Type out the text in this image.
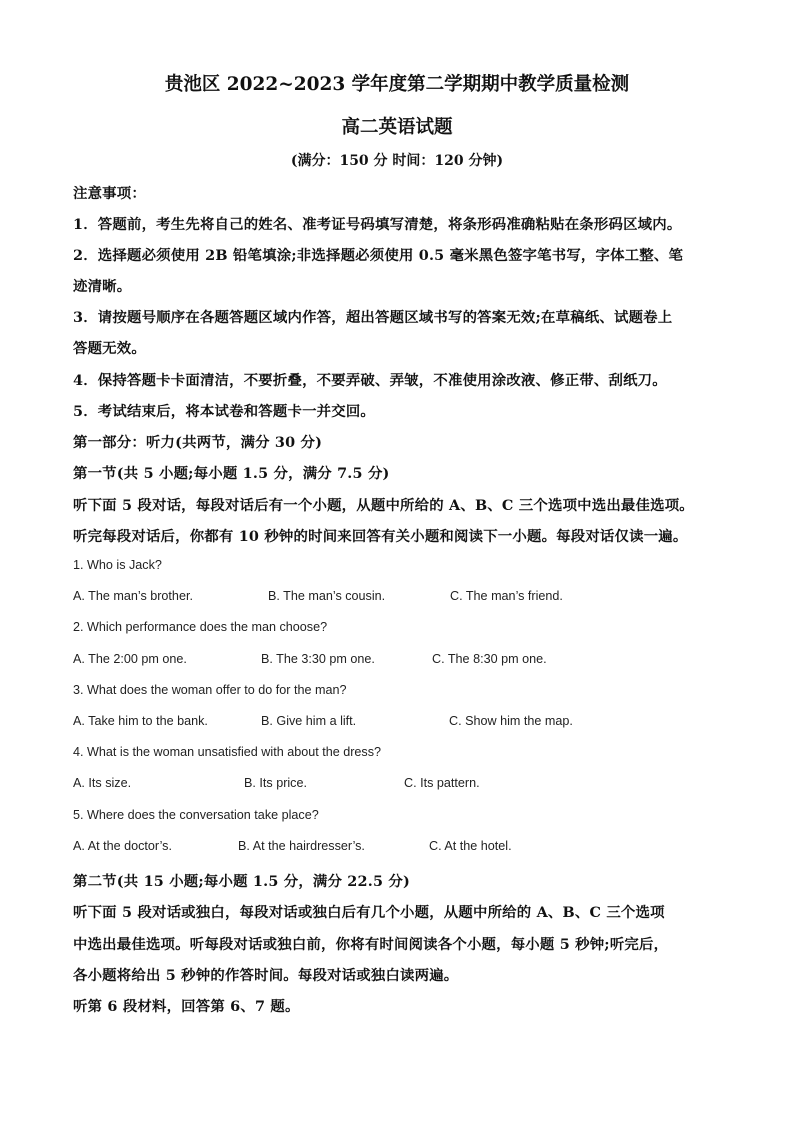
贵池区 2022~2023 学年度第二学期期中教学质量检测
高二英语试题
(满分：150 分 时间：120 分钟)
注意事项：
1．答题前，考生先将自己的姓名、准考证号码填写清楚，将条形码准确粘贴在条形码区域内。
2．选择题必须使用 2B 铅笔填涂;非选择题必须使用 0.5 毫米黑色签字笔书写，字体工整、笔
迹清晰。
3．请按题号顺序在各题答题区域内作答，超出答题区域书写的答案无效;在草稿纸、试题卷上
答题无效。
4．保持答题卡卡面清洁，不要折叠，不要弄破、弄皱，不准使用涂改液、修正带、刮纸刀。
5．考试结束后，将本试卷和答题卡一并交回。
第一部分：听力(共两节，满分 30 分)
第一节(共 5 小题;每小题 1.5 分，满分 7.5 分)
听下面 5 段对话，每段对话后有一个小题，从题中所给的 A、B、C 三个选项中选出最佳选项。
听完每段对话后，你都有 10 秒钟的时间来回答有关小题和阅读下一小题。每段对话仅读一遍。
1. Who is Jack?
A. The man’s brother.	B. The man’s cousin.	C. The man’s friend.
2. Which performance does the man choose?
A. The 2:00 pm one.	B. The 3:30 pm one.	C. The 8:30 pm one.
3. What does the woman offer to do for the man?
A. Take him to the bank.	B. Give him a lift.	C. Show him the map.
4. What is the woman unsatisfied with about the dress?
A. Its size.	B. Its price.	C. Its pattern.
5. Where does the conversation take place?
A. At the doctor’s.	B. At the hairdresser’s.	C. At the hotel.
第二节(共 15 小题;每小题 1.5 分，满分 22.5 分)
听下面 5 段对话或独白，每段对话或独白后有几个小题，从题中所给的 A、B、C 三个选项
中选出最佳选项。听每段对话或独白前，你将有时间阅读各个小题，每小题 5 秒钟;听完后，
各小题将给出 5 秒钟的作答时间。每段对话或独白读两遍。
听第 6 段材料，回答第 6、7 题。
